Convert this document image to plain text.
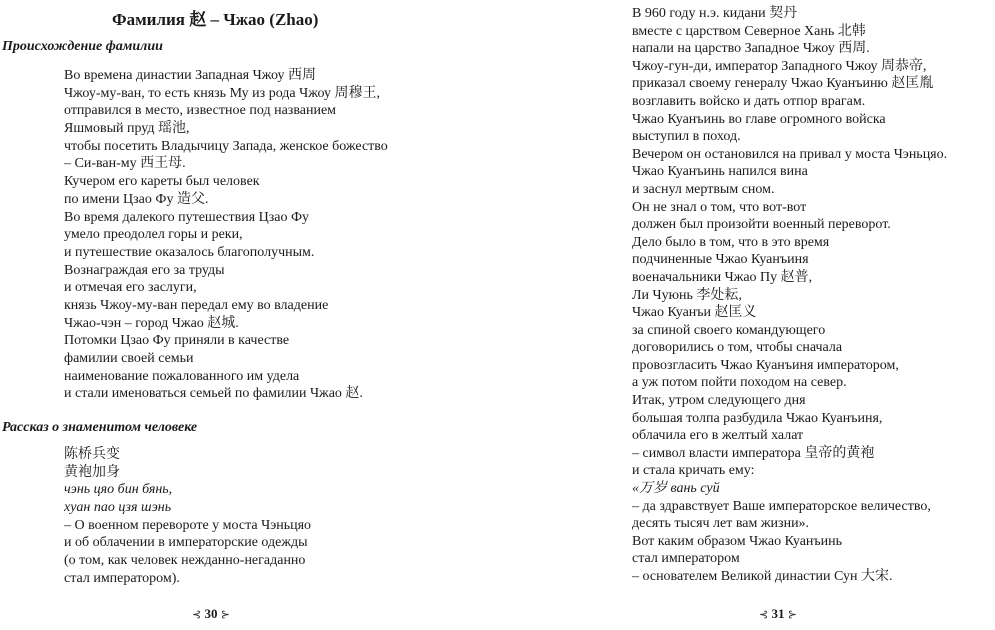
Фамилия 赵 – Чжао (Zhao)
Происхождение фамилии
Во времена династии Западная Чжоу 西周
Чжоу-му-ван, то есть князь Му из рода Чжоу 周穆王,
отправился в место, известное под названием
Яшмовый пруд 瑶池,
чтобы посетить Владычицу Запада, женское божество
– Си-ван-му 西王母.
Кучером его кареты был человек
по имени Цзао Фу 造父.
Во время далекого путешествия Цзао Фу
умело преодолел горы и реки,
и путешествие оказалось благополучным.
Вознаграждая его за труды
и отмечая его заслуги,
князь Чжоу-му-ван передал ему во владение
Чжао-чэн – город Чжао 赵城.
Потомки Цзао Фу приняли в качестве
фамилии своей семьи
наименование пожалованного им удела
и стали именоваться семьей по фамилии Чжао 赵.
Рассказ о знаменитом человеке
陈桥兵变
黄袍加身
чэнь цяо бин бянь,
хуан пао цзя шэнь
– О военном перевороте у моста Чэньцяо
и об облачении в императорские одежды
(о том, как человек нежданно-негаданно
стал императором).
⊰ 30 ⊱
В 960 году н.э. кидани 契丹
вместе с царством Северное Хань 北韩
напали на царство Западное Чжоу 西周.
Чжоу-гун-ди, император Западного Чжоу 周恭帝,
приказал своему генералу Чжао Куанъиню 赵匡胤
возглавить войско и дать отпор врагам.
Чжао Куанъинь во главе огромного войска
выступил в поход.
Вечером он остановился на привал у моста Чэньцяо.
Чжао Куанъинь напился вина
и заснул мертвым сном.
Он не знал о том, что вот-вот
должен был произойти военный переворот.
Дело было в том, что в это время
подчиненные Чжао Куанъиня
военачальники Чжао Пу 赵普,
Ли Чуюнь 李处耘,
Чжао Куанъи 赵匡义
за спиной своего командующего
договорились о том, чтобы сначала
провозгласить Чжао Куанъиня императором,
а уж потом пойти походом на север.
Итак, утром следующего дня
большая толпа разбудила Чжао Куанъиня,
облачила его в желтый халат
– символ власти императора 皇帝的黄袍
и стала кричать ему:
«万岁 вань суй
– да здравствует Ваше императорское величество,
десять тысяч лет вам жизни».
Вот каким образом Чжао Куанъинь
стал императором
– основателем Великой династии Сун 大宋.
⊰ 31 ⊱
